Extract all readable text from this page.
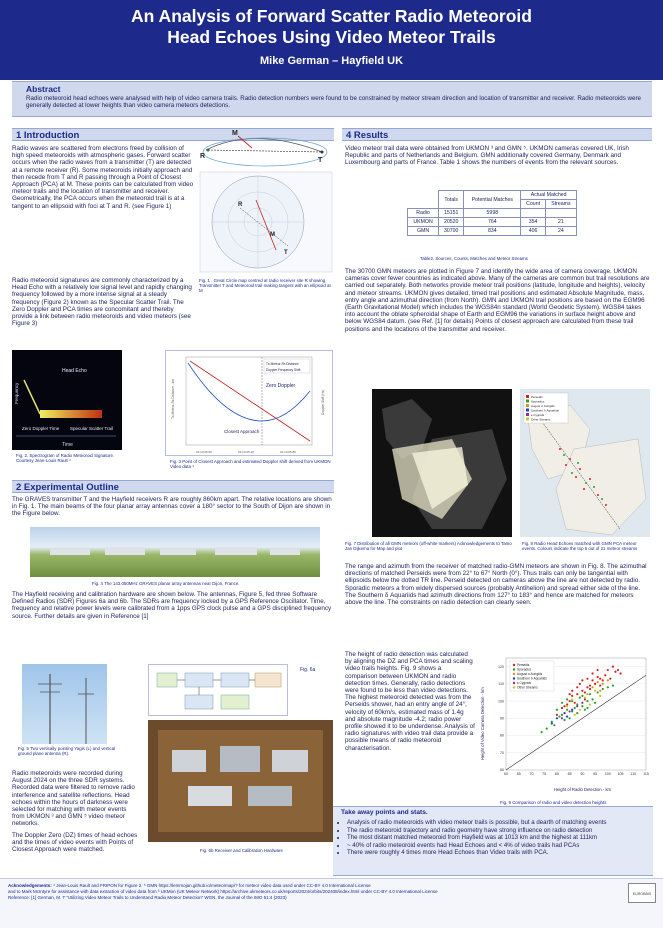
An Analysis of Forward Scatter Radio Meteoroid
Head Echoes Using Video Meteor Trails
Mike German – Hayfield UK
Abstract
Radio meteoroid head echoes were analysed with help of video camera trails. Radio detection numbers were found to be constrained by meteor stream direction and location of transmitter and receiver. Radio meteoroids were generally detected at lower heights than video camera meteors detections.
1 Introduction
Radio waves are scattered from electrons freed by collision of high speed meteoroids with atmospheric gases. Forward scatter occurs when the radio waves from a transmitter (T) are detected at a remote receiver (R). Some meteoroids initially approach and then recede from T and R passing through a Point of Closest Approach (PCA) at M. These points can be calculated from video meteor trails and the location of transmitter and receiver. Geometrically, the PCA occurs when the meteoroid trail is at a tangent to an ellipsoid with foci at T and R. (see Figure 1)
M
R
T
R
M
T
Fig. 1 . Great Circle map centred at radio receiver site R showing Transmitter T and Meteoroid trail making tangent with an ellipsoid at M
Radio meteoroid signatures are commonly characterized by a Head Echo with a relatively low signal level and rapidly changing frequency followed by a more intense signal at a steady frequency (Figure 2) known as the Specular Scatter Trail. The Zero Doppler and PCA times are concomitant and thereby provide a link between radio meteoroids and video meteors (see Figure 3)
Frequency
Time
Head Echo
Zero Doppler Time Specular Scatter Trail
Fig. 2. Spectrogram of Radio Meteoroid Signature. Courtesy Jean-Louis Rault ⁴
Tx-Meteor-Rx Distance
Doppler Frequency Shift
Zero Doppler
Closest Approach
Tx-Meteor-Rx Distance - km	Doppler Shift (Hz)
22:14:05.00	22:14:05.40	22:14:05.80
Fig. 3 Point of Closest Approach and estimated Doppler shift derived from UKMON Video data ⁴
2 Experimental Outline
The GRAVES transmitter T and the Hayfield receivers R are roughly 860km apart. The relative locations are shown in Fig. 1. The main beams of the four planar array antennas cover a 180° sector to the South of Dijon are shown in the Figure below.
Fig. 4 The 143.050MHz GRAVES planar array antennas near Dijon, France.
The Hayfield receiving and calibration hardware are shown below. The antennas, Figure 5, fed three Software Defined Radios (SDR) Figures 6a and 6b. The SDRs are frequency locked by a GPS Reference Oscillator. Time, frequency and relative power levels were calibrated from a 1pps GPS clock pulse and a GPS disciplined frequency source. Further details are given in Reference [1]
Fig. 5 Two vertically pointing Yagis (L) and vertical ground plane antenna (R).
Fig. 6a
Fig. 6b Receiver and Calibration Hardware
Radio meteoroids were recorded during August 2024 on the three SDR systems. Recorded data were filtered to remove radio interference and satellite reflections. Head echoes within the hours of darkness were selected for matching with meteor events from UKMON ³ and GMN ⁵ video meteor networks.
The Doppler Zero (DZ) times of head echoes and the times of video events with Points of Closest Approach were matched.
4 Results
Video meteor trail data were obtained from UKMON ³ and GMN ⁵. UKMON cameras covered UK, Irish Republic and parts of Netherlands and Belgium. GMN additionally covered Germany, Denmark and Luxembourg and parts of France. Table 1 shows the numbers of events from the relevant sources.
	Totals	Potential Matches	Actual Matched	
			Count	Streams
Radio	15151	5998		
UKMON	20520	764	354	21
GMN	30700	834	406	24
Table2. Sources, Counts, Matches and Meteor Streams
The 30700 GMN meteors are plotted in Figure 7 and identify the wide area of camera coverage. UKMON cameras cover fewer countries as indicated above. Many of the cameras are common but trail resolutions are carried out separately. Both networks provide meteor trail positions (latitude, longitude and heights), velocity and meteor streams. UKMON gives detailed, timed trail positions and estimated Absolute Magnitude, mass, entry angle and azimuthal direction (from North). GMN and UKMON trail positions are based on the EGM96 (Earth Gravitational Model) which includes the WGS84n standard (World Geodetic System). WGS84 takes into account the oblate spheroidal shape of Earth and EGM96 the variations in surface height above and below WGS84 datum. (see Ref. [1] for details) Points of closest approach are calculated from these trail positions and the locations of the transmitter and receiver.
Fig. 7 Distribution of all GMN meteors (off-white markers) Acknowledgements to Tamo Jan Dijkema for Map and plot
Perseids
Sporadics
August α Aurigids
Southern δ Aquariids
κ Cygnids
Other Streams
Fig. 8 Radio Head Echoes matched with GMN PCA meteor events. Colours indicate the top 5 out of 21 meteor streams
The range and azimuth from the receiver of matched radio-GMN meteors are shown in Fig. 8. The azimuthal directions of matched Perseids were from 22° to 67° North (0°). Thus trails can only be tangential with ellipsoids below the dotted TR line. Perseid detected on cameras above the line are not detected by radio. Sporadic meteors a from widely dispersed sources (probably Antihelion) and spread either side of the line. The Southern δ Aquariids had azimuth directions from 127° to 183° and hence are matched for meteors above the line. The constraints on radio detection can clearly seen.
The height of radio detection was calculated by aligning the DZ and PCA times and scaling video trails heights. Fig. 9 shows a comparison between UKMON and radio detection times. Generally, radio detections were found to be less than video detections. The highest meteoroid detected was from the Perseids shower, had an entry angle of 24°, velocity of 60km/s, estimated mass of 1.4g and absolute magnitude -4.2; radio power profile showed it to be underdense. Analysis of radio signatures with video trail data provide a possible means of radio meteoroid characterisation.
60 65 70 75 80 85 90 95 100 105 110 115
60
70
80
90
100
110
120
Height of Radio Detection - km
Height of Video Camera Detection - km
Perseids
Sporadics
August α Aurigids
Southern δ Aquariids
κ Cygnids
Other Streams
Fig. 9 Comparison of radio and video detection heights
Take away points and stats.
• Analysis of radio meteoroids with video meteor trails is possible, but a dearth of matching events
• The radio meteoroid trajectory and radio geometry have strong influence on radio detection
• The most distant matched meteoroid from Hayfield was at 1013 km and the highest at 111km
• ~ 40% of radio meteoroid events had Head Echoes and < 4% of video trails had PCAs
• There were roughly 4 times more Head Echoes than Video trails with PCA.
Acknowledgements: ⁴ Jean-Louis Rault and FRIPON for Figure 2. ⁵ GMN https://lemmojan.github.io/meteormap/? for meteor video data used under CC-BY 4.0 International License
and to Mark McIntyre for assistance with data extraction of video data from ³ UKMon (UK Meteor Network) https://archive.ukmeteors.co.uk/reports/2024/orbits/202408/index.html under CC-BY 4.0 International License
Reference: [1] German, M. T “Utilizing Video Meteor Trails to Understand Radio Meteor Detection” WGN, the Journal of the IMO 51:4 (2023)
EUROBBIS
